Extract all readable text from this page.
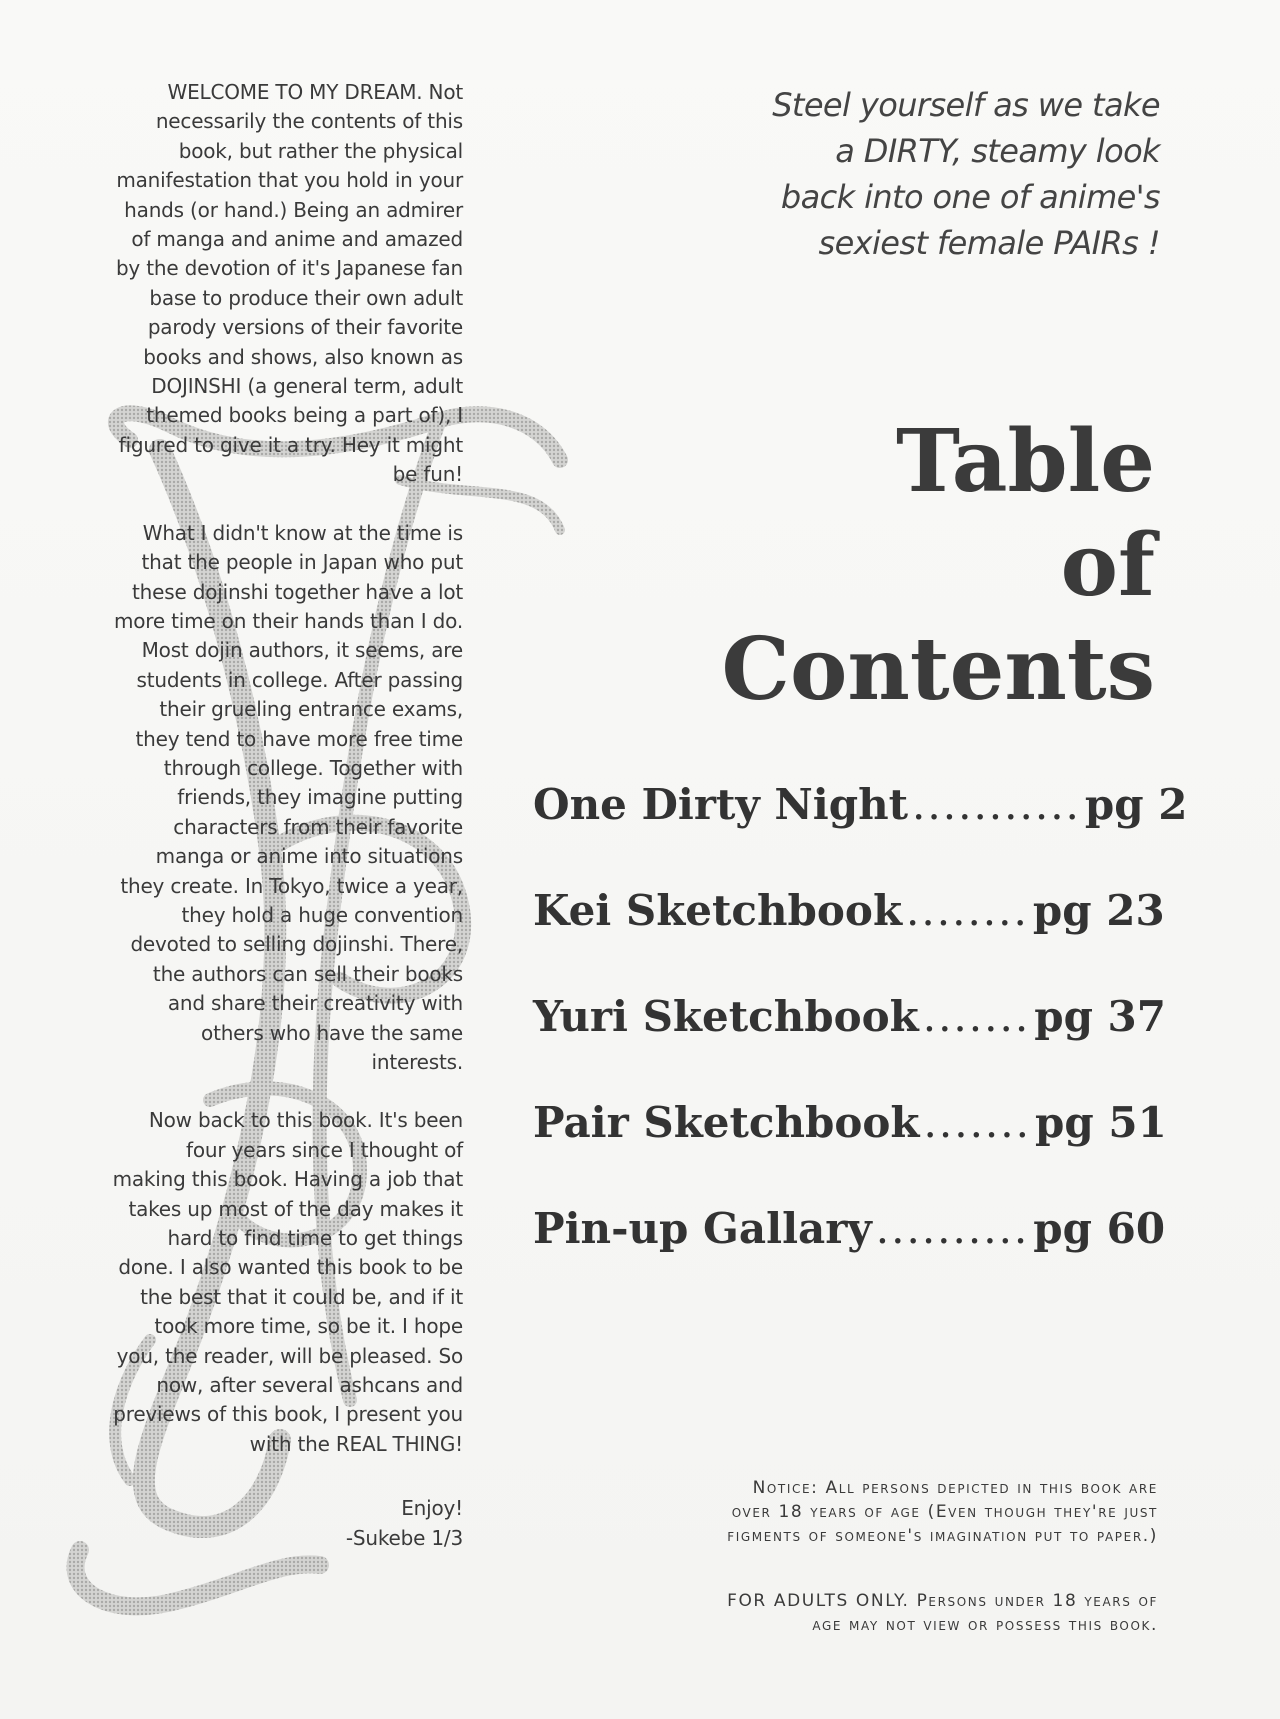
WELCOME TO MY DREAM. Not necessarily the contents of this book, but rather the physical manifestation that you hold in your hands (or hand.) Being an admirer of manga and anime and amazed by the devotion of it's Japanese fan base to produce their own adult parody versions of their favorite books and shows, also known as DOJINSHI (a general term, adult themed books being a part of), I figured to give it a try. Hey it might be fun!

What I didn't know at the time is that the people in Japan who put these dojinshi together have a lot more time on their hands than I do. Most dojin authors, it seems, are students in college. After passing their grueling entrance exams, they tend to have more free time through college. Together with friends, they imagine putting characters from their favorite manga or anime into situations they create. In Tokyo, twice a year, they hold a huge convention devoted to selling dojinshi. There, the authors can sell their books and share their creativity with others who have the same interests.

Now back to this book. It's been four years since I thought of making this book. Having a job that takes up most of the day makes it hard to find time to get things done. I also wanted this book to be the best that it could be, and if it took more time, so be it. I hope you, the reader, will be pleased. So now, after several ashcans and previews of this book, I present you with the REAL THING!

Enjoy!
-Sukebe 1/3
Steel yourself as we take
a DIRTY, steamy look
back into one of anime's
sexiest female PAIRs !
Table
of
Contents
One Dirty Night ........... pg 2
Kei Sketchbook ........ pg 23
Yuri Sketchbook ....... pg 37
Pair Sketchbook ....... pg 51
Pin-up Gallary .......... pg 60

Notice: All persons depicted in this book are

over 18 years of age (Even though they're just

figments of someone's imagination put to paper.)

FOR ADULTS ONLY. Persons under 18 years of

age may not view or possess this book.
